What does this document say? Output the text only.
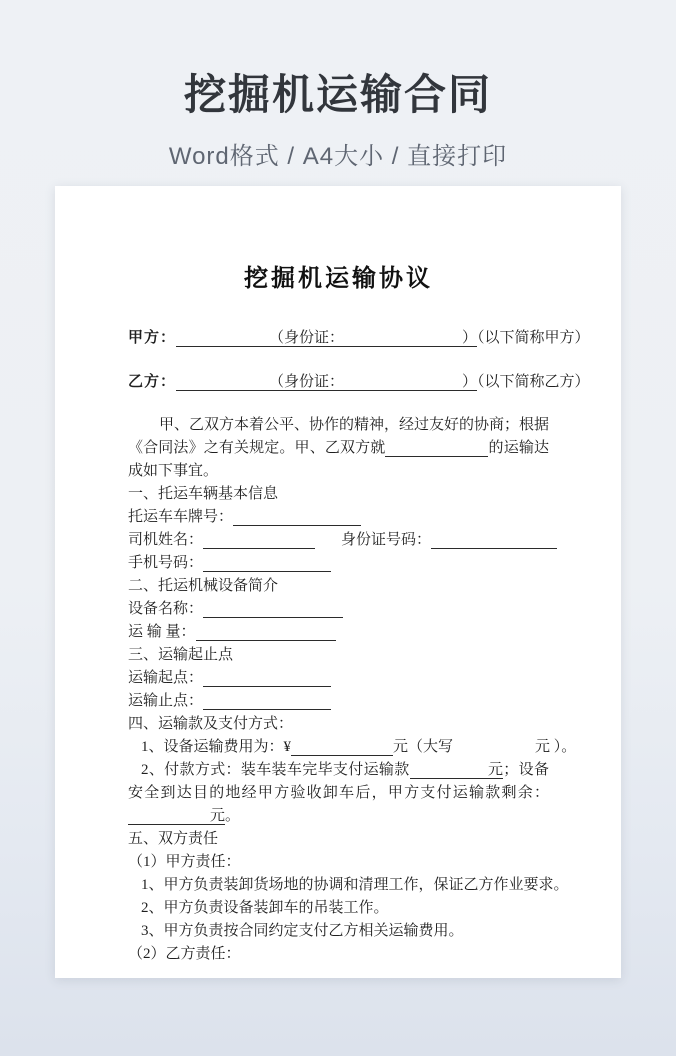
挖掘机运输合同

Word格式 / A4大小 / 直接打印

挖掘机运输协议
甲方：	（身份证：	）（以下简称甲方）
乙方：	（身份证：	）（以下简称乙方）
甲、乙双方本着公平、协作的精神，经过友好的协商；根据《合同法》之有关规定。甲、乙双方就	的运输达成如下事宜。
一、托运车辆基本信息
托运车车牌号：
司机姓名：	身份证号码：
手机号码：
二、托运机械设备简介
设备名称：
运 输 量：
三、运输起止点
运输起点：
运输止点：
四、运输款及支付方式：
1、设备运输费用为：¥	元（大写	元 ）。
2、付款方式：装车装车完毕支付运输款	元；设备安全到达目的地经甲方验收卸车后，甲方支付运输款剩余：元。
五、双方责任
（1）甲方责任：
1、甲方负责装卸货场地的协调和清理工作，保证乙方作业要求。
2、甲方负责设备装卸车的吊装工作。
3、甲方负责按合同约定支付乙方相关运输费用。
（2）乙方责任：
